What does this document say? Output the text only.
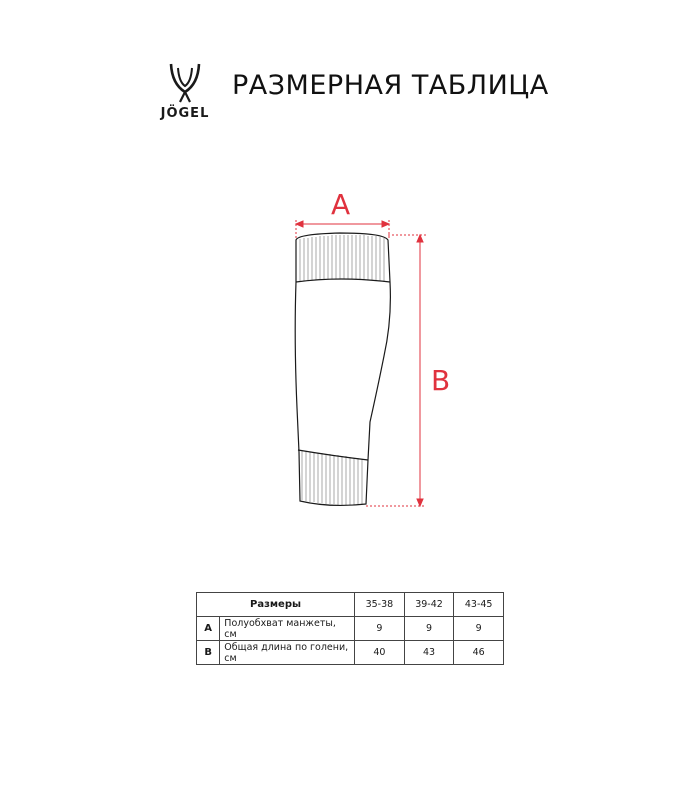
JÖGEL
РАЗМЕРНАЯ ТАБЛИЦА
A
B
Размеры		35-38	39-42	43-45
A	Полуобхват манжеты, см	9	9	9
B	Общая длина по голени, см	40	43	46
